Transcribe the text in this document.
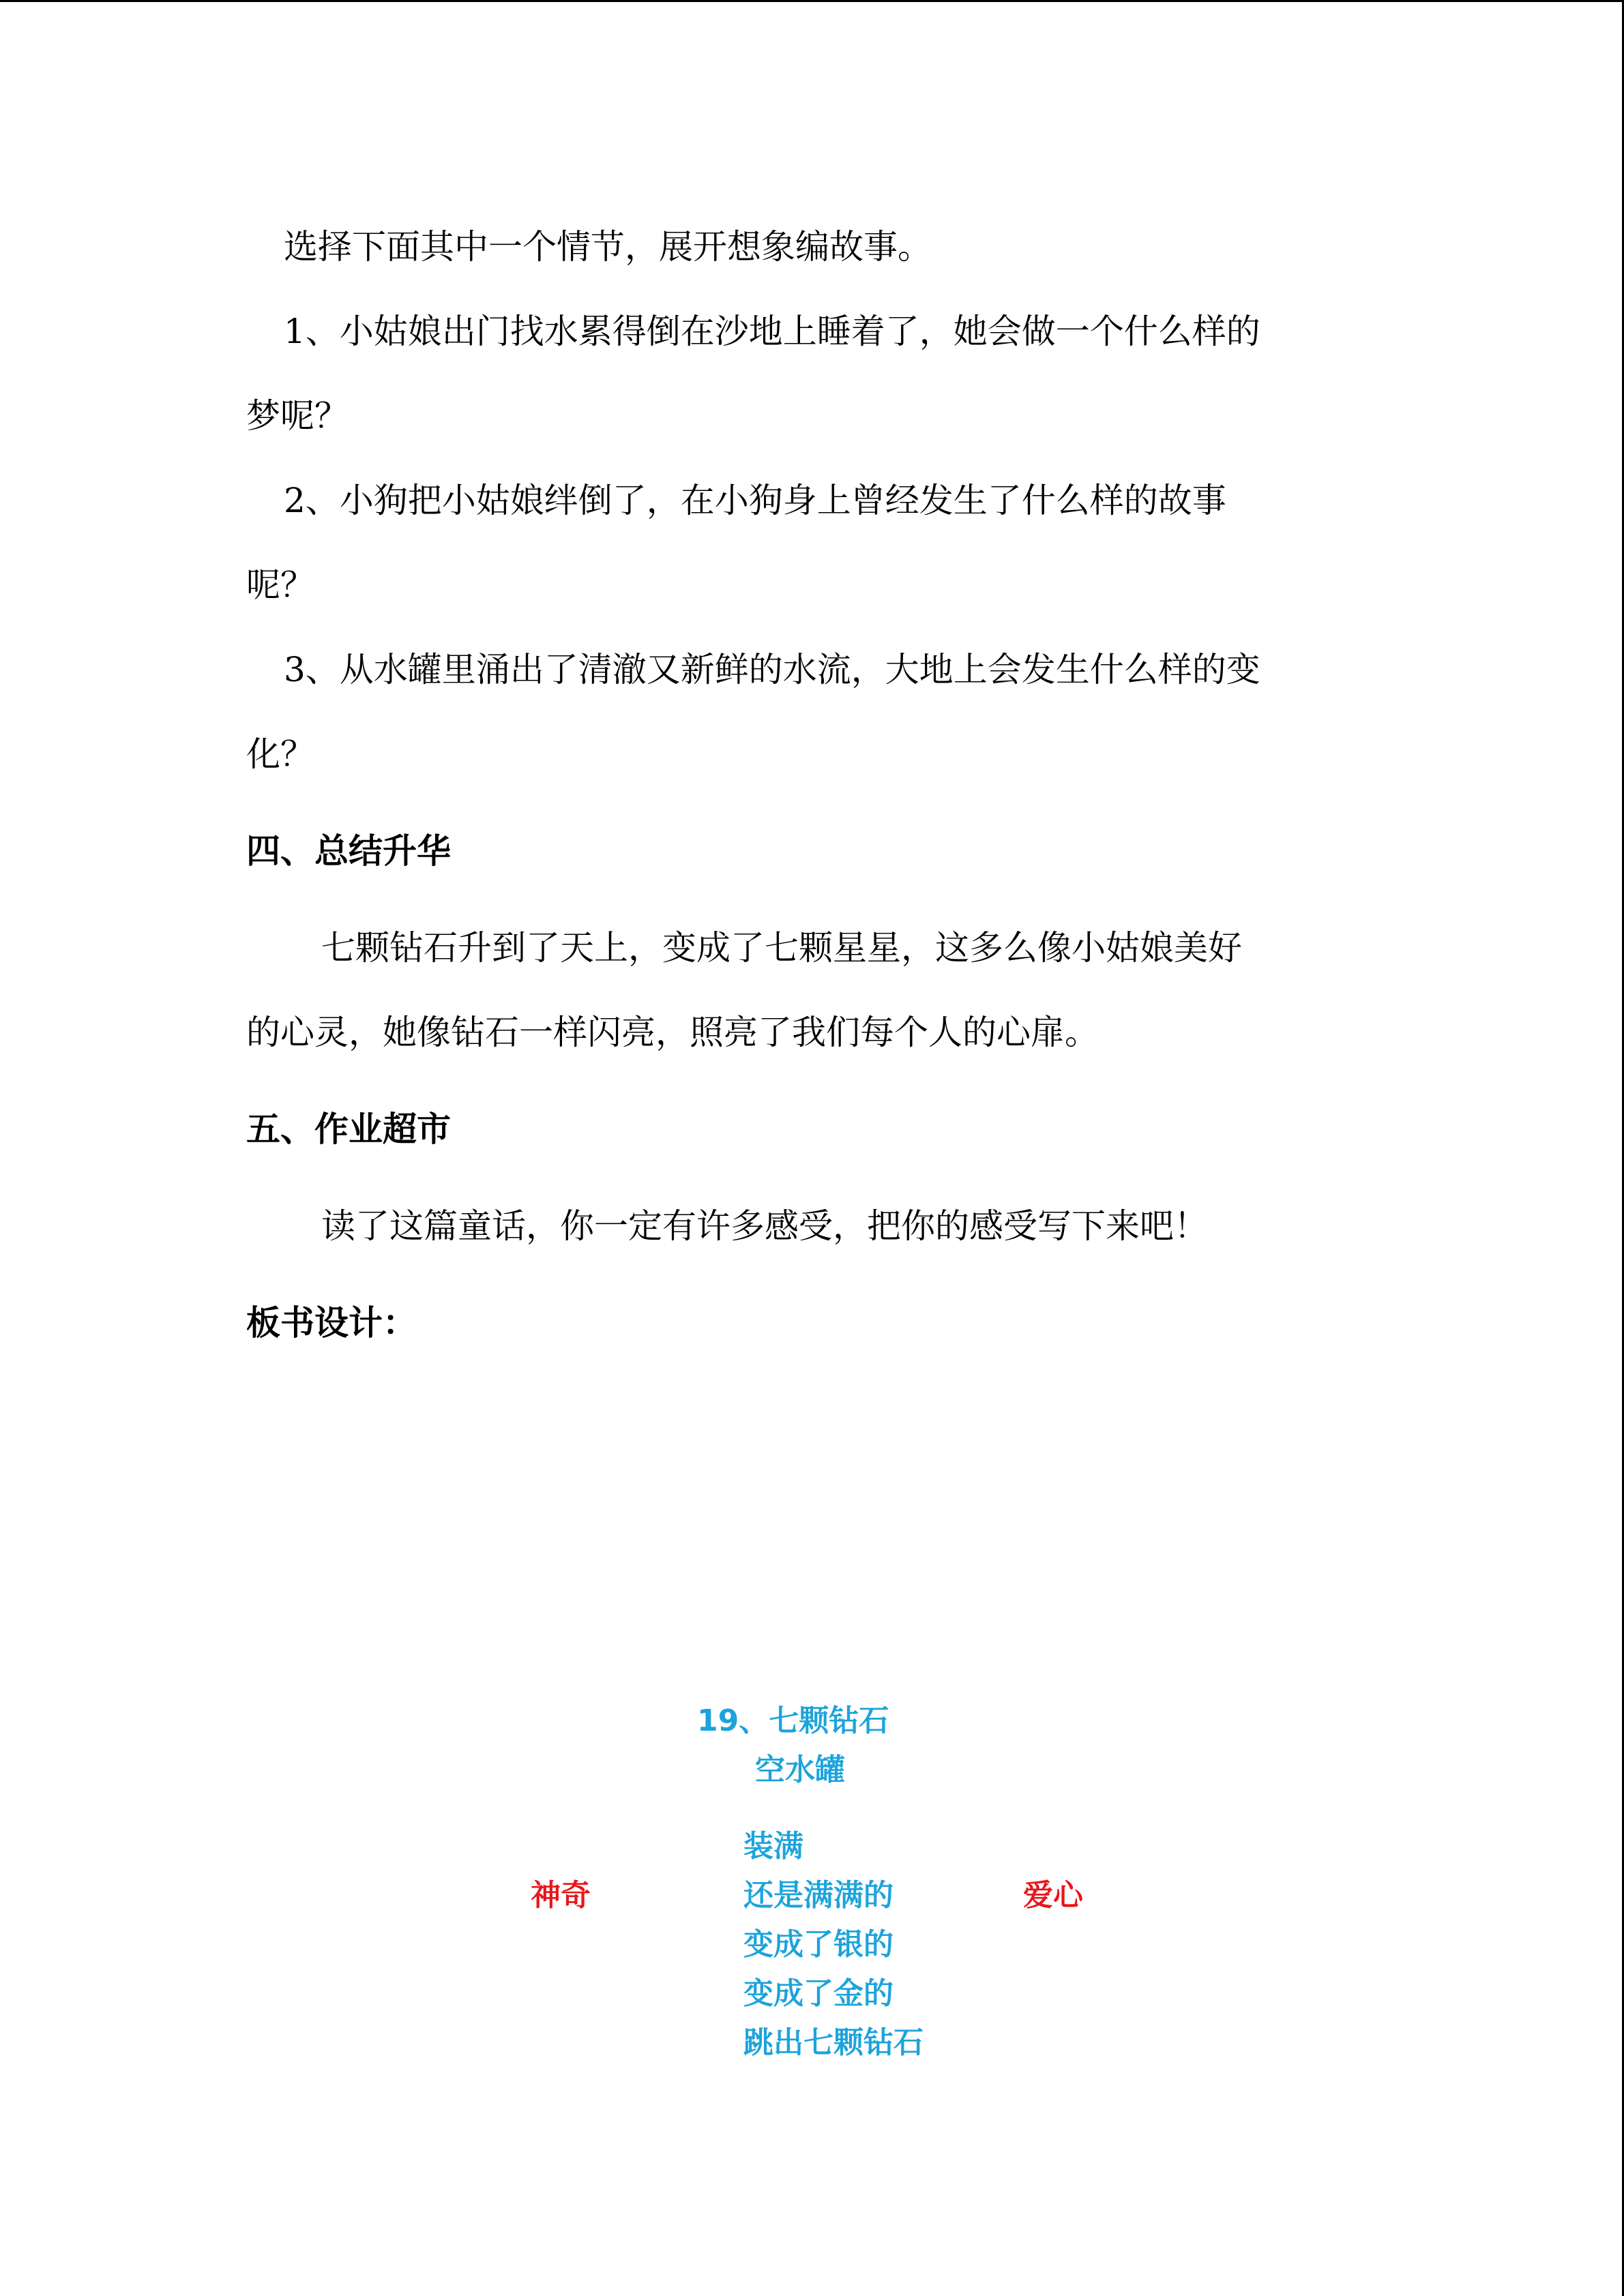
选择下面其中一个情节，展开想象编故事。

1、小姑娘出门找水累得倒在沙地上睡着了，她会做一个什么样的

梦呢？

2、小狗把小姑娘绊倒了，在小狗身上曾经发生了什么样的故事

呢？

3、从水罐里涌出了清澈又新鲜的水流，大地上会发生什么样的变

化？

四、总结升华

七颗钻石升到了天上，变成了七颗星星，这多么像小姑娘美好

的心灵，她像钻石一样闪亮，照亮了我们每个人的心扉。

五、作业超市

读了这篇童话，你一定有许多感受，把你的感受写下来吧！

板书设计：
19、七颗钻石
空水罐
装满
还是满满的
变成了银的
变成了金的
跳出七颗钻石
神奇	爱心
